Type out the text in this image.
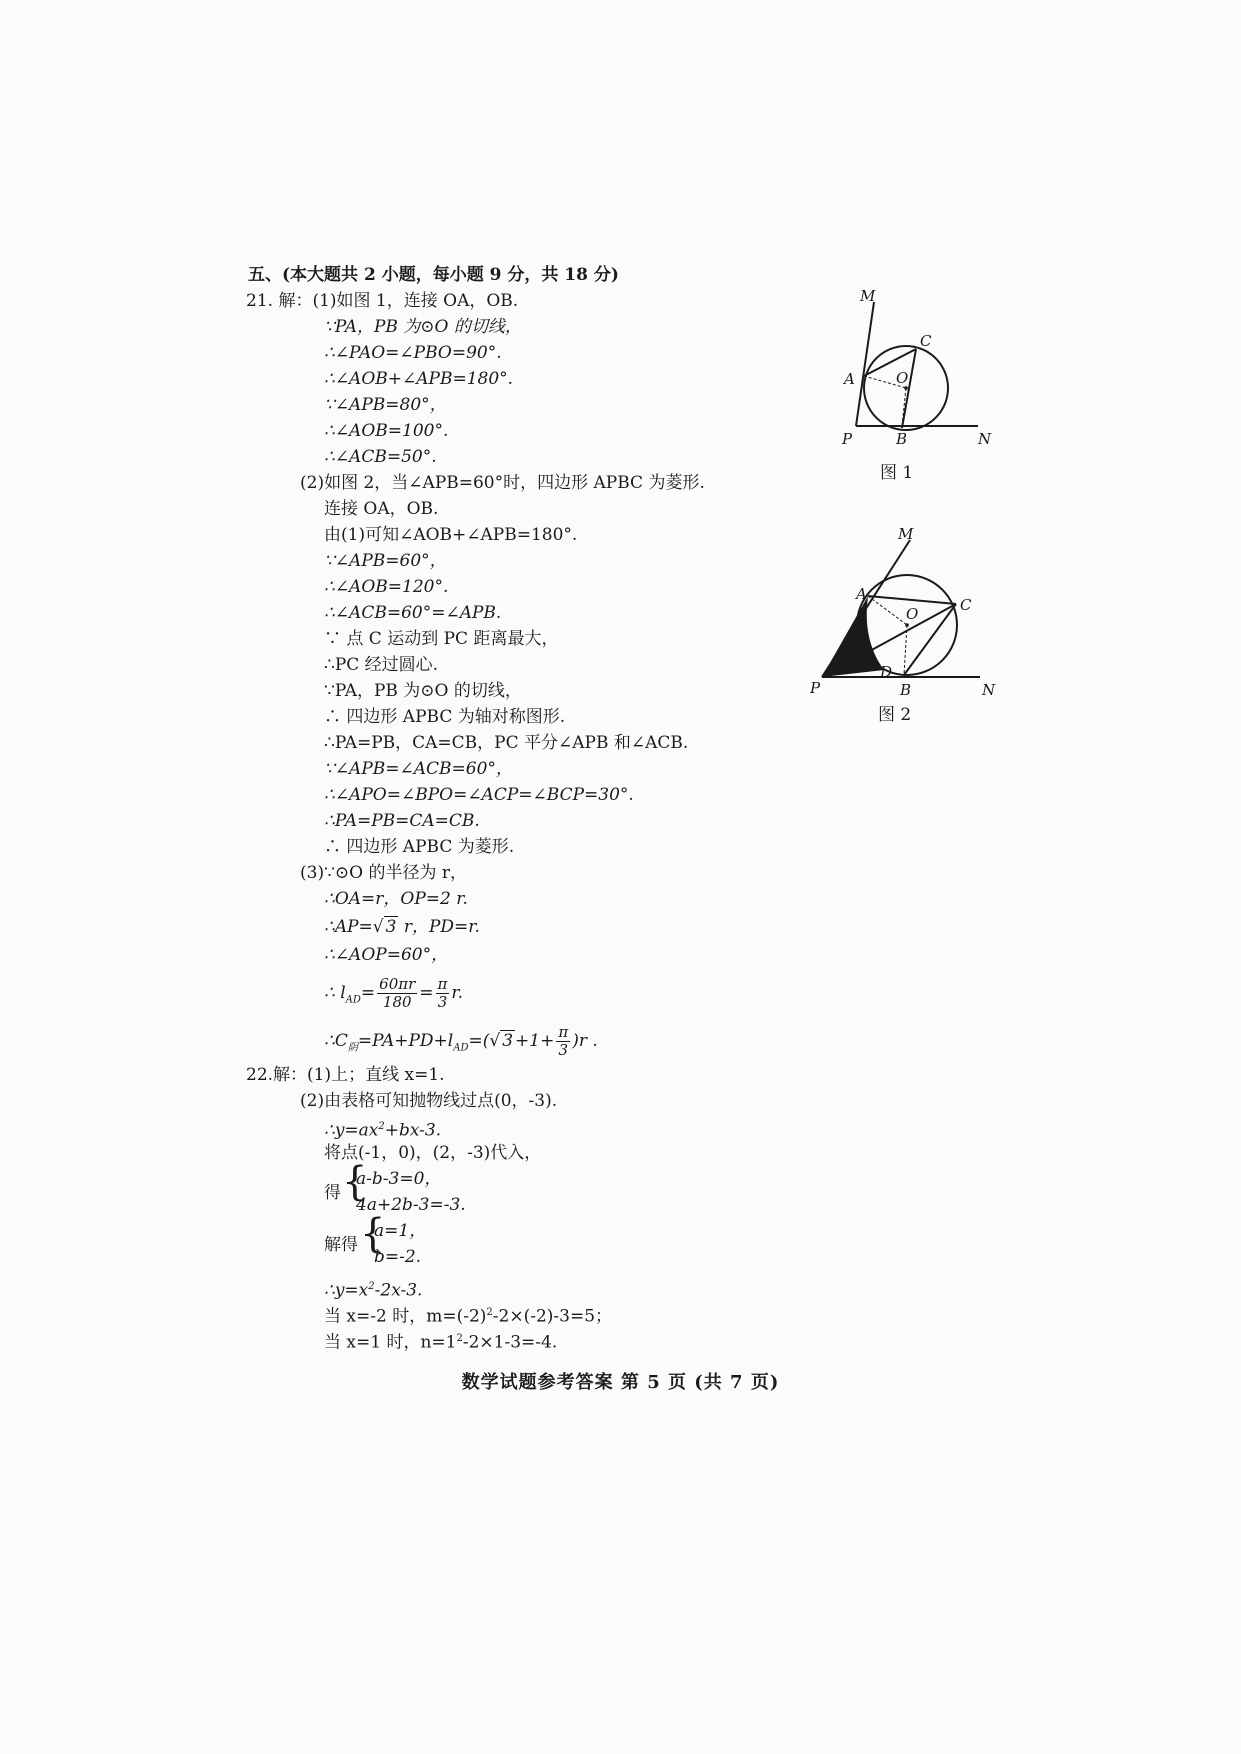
五、(本大题共 2 小题，每小题 9 分，共 18 分)
21. 解：(1)如图 1，连接 OA，OB.
∵PA，PB 为⊙O 的切线，
∴∠PAO=∠PBO=90°.
∴∠AOB+∠APB=180°.
∵∠APB=80°，
∴∠AOB=100°.
∴∠ACB=50°.
(2)如图 2，当∠APB=60°时，四边形 APBC 为菱形.
连接 OA，OB.
由(1)可知∠AOB+∠APB=180°.
∵∠APB=60°，
∴∠AOB=120°.
∴∠ACB=60°=∠APB.
∵ 点 C 运动到 PC 距离最大，
∴PC 经过圆心.
∵PA，PB 为⊙O 的切线，
∴ 四边形 APBC 为轴对称图形.
∴PA=PB，CA=CB，PC 平分∠APB 和∠ACB.
∵∠APB=∠ACB=60°，
∴∠APO=∠BPO=∠ACP=∠BCP=30°.
∴PA=PB=CA=CB.
∴ 四边形 APBC 为菱形.
(3)∵⊙O 的半径为 r，
∴OA=r，OP=2 r.
∴AP=√ 3 r，PD=r.
∴∠AOP=60°，
∴ $l_{AD}= \frac{60\pi r}{180} = \frac{\pi}{3} r$.
$\therefore C_阴=PA+PD+l_{AD}=(√$ $3 +1+ \frac{\pi}{3} )r$ .
22.解：(1)上；直线 x=1.
(2)由表格可知抛物线过点(0，-3).
$\therefore y=ax^2+bx-3$.
将点(-1，0)，(2，-3)代入，
得 {
a-b-3=0，
4a+2b-3=-3.
解得 {
a=1，
b=-2.
$\therefore y=x^2-2x-3$.
当 x=-2 时，$m=(-2)^2-2\times(-2)-3=5$；
当 x=1 时，$n=1^2-2\times 1-3=-4$.
数学试题参考答案 第 5 页 (共 7 页)
M
C
A	O
P	B	N
图 1
M
A
O	C
P
D
B	N
图 2
